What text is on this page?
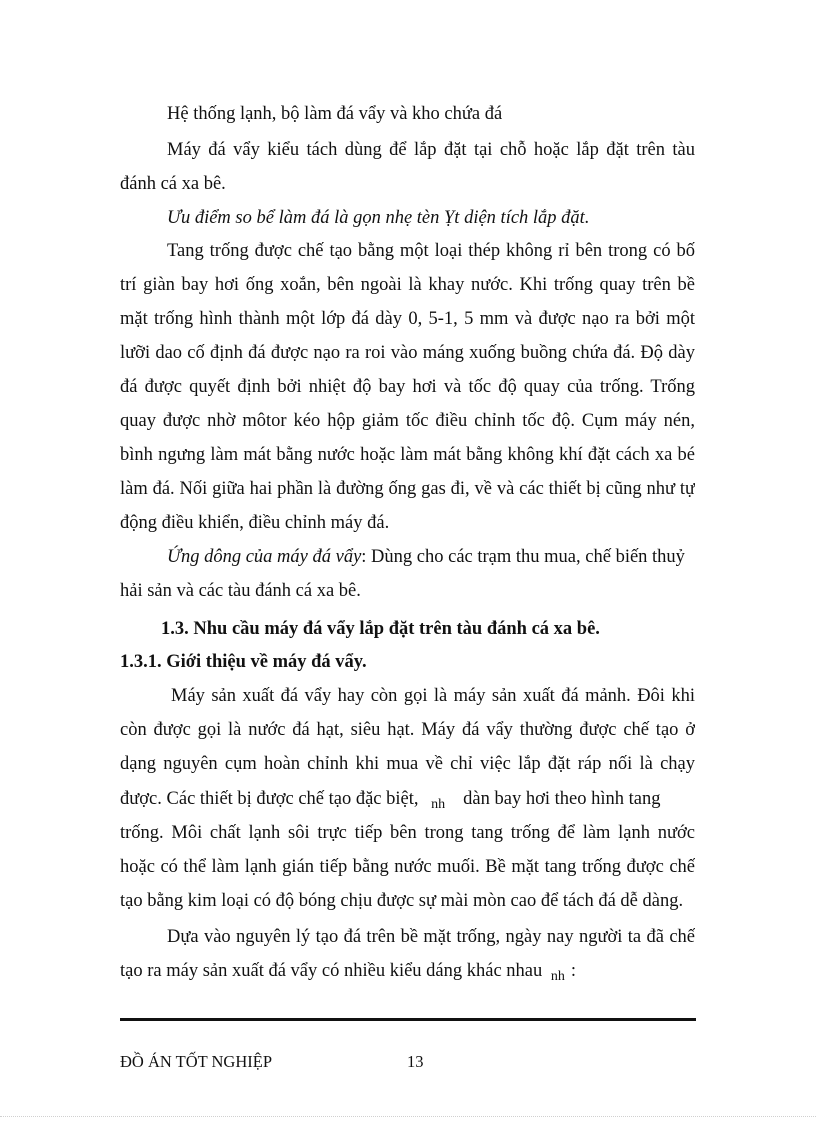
Hệ thống lạnh, bộ làm đá vẩy và kho chứa đá
Máy đá vẩy kiểu tách dùng để lắp đặt tại chỗ hoặc lắp đặt trên tàu
đánh cá xa bê.
Ưu điểm so bể làm đá là gọn nhẹ tèn Ỵt diện tích lắp đặt.
Tang trống được chế tạo bằng một loại thép không rỉ bên trong có bố
trí giàn bay hơi ống xoắn, bên ngoài là khay nước. Khi trống quay trên bề
mặt trống hình thành một lớp đá dày 0, 5-1, 5 mm và được nạo ra bởi một
lưỡi dao cố định đá được nạo ra roi vào máng xuống buồng chứa đá. Độ dày
đá được quyết định bởi nhiệt độ bay hơi và tốc độ quay của trống. Trống
quay được nhờ môtor kéo hộp giảm tốc điều chỉnh tốc độ. Cụm máy nén,
bình ngưng làm mát bằng nước hoặc làm mát bằng không khí đặt cách xa bé
làm đá. Nối giữa hai phần là đường ống gas đi, về và các thiết bị cũng như tự
động điều khiển, điều chỉnh máy đá.
Ứng dông của máy đá vẩy: Dùng cho các trạm thu mua, chế biến thuỷ
hải sản và các tàu đánh cá xa bê.
1.3. Nhu cầu máy đá vẩy lắp đặt trên tàu đánh cá xa bê.
1.3.1. Giới thiệu về máy đá vẩy.
Máy sản xuất đá vẩy hay còn gọi là máy sản xuất đá mảnh. Đôi khi
còn được gọi là nước đá hạt, siêu hạt. Máy đá vẩy thường được chế tạo ở
dạng nguyên cụm hoàn chỉnh khi mua về chỉ việc lắp đặt ráp nối là chạy
được. Các thiết bị được chế tạo đặc biệt, nh dàn bay hơi theo hình tang
trống. Môi chất lạnh sôi trực tiếp bên trong tang trống để làm lạnh nước
hoặc có thể làm lạnh gián tiếp bằng nước muối. Bề mặt tang trống được chế
tạo bằng kim loại có độ bóng chịu được sự mài mòn cao để tách đá dễ dàng.
Dựa vào nguyên lý tạo đá trên bề mặt trống, ngày nay người ta đã chế
tạo ra máy sản xuất đá vẩy có nhiều kiểu dáng khác nhau nh :
ĐỒ ÁN TỐT NGHIỆP	13
